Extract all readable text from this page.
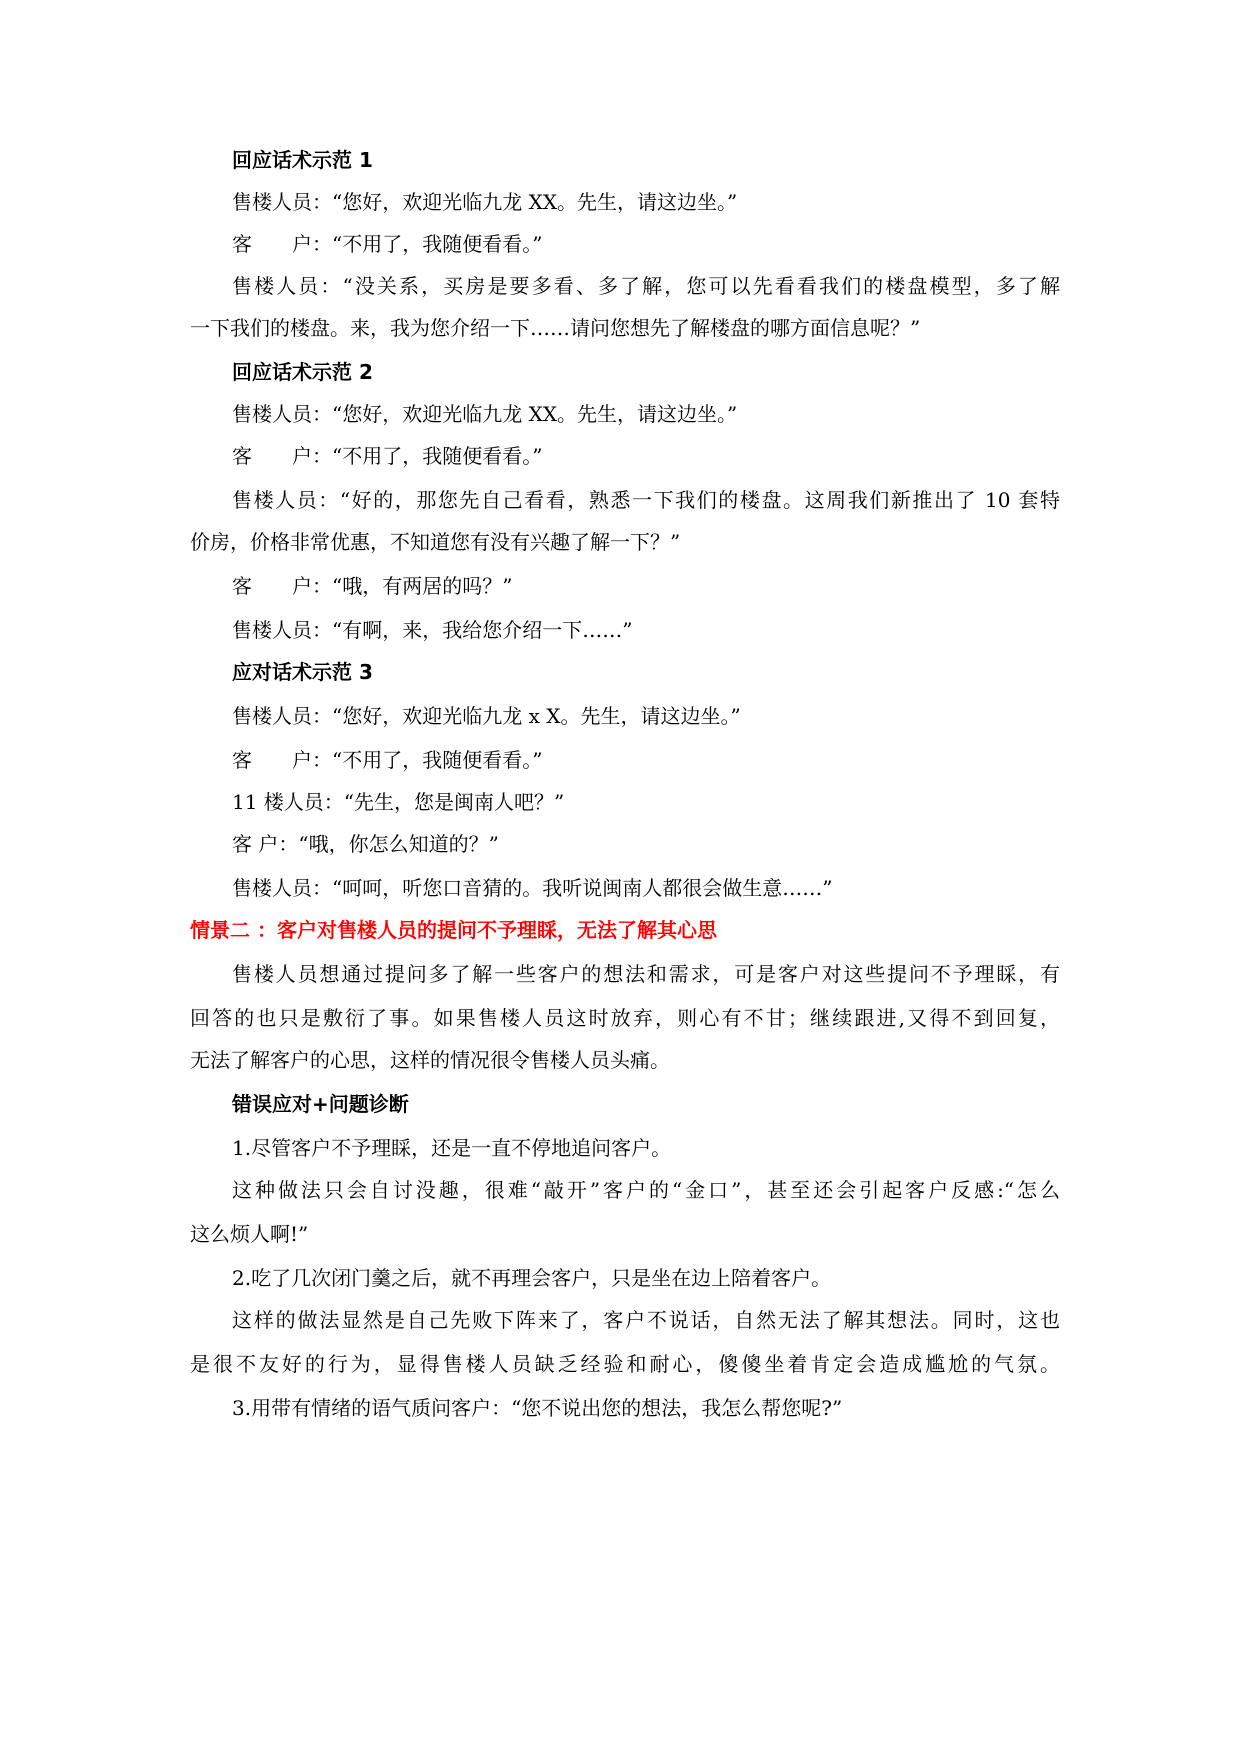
回应话术示范 1
售楼人员：“您好，欢迎光临九龙 XX。先生，请这边坐。”
客　　户：“不用了，我随便看看。”
售楼人员：“没关系，买房是要多看、多了解，您可以先看看我们的楼盘模型，多了解
一下我们的楼盘。来，我为您介绍一下……请问您想先了解楼盘的哪方面信息呢？”
回应话术示范 2
售楼人员：“您好，欢迎光临九龙 XX。先生，请这边坐。”
客　　户：“不用了，我随便看看。”
售楼人员：“好的，那您先自己看看，熟悉一下我们的楼盘。这周我们新推出了 10 套特
价房，价格非常优惠，不知道您有没有兴趣了解一下？”
客　　户：“哦，有两居的吗？”
售楼人员：“有啊，来，我给您介绍一下……”
应对话术示范 3
售楼人员：“您好，欢迎光临九龙 x X。先生，请这边坐。”
客　　户：“不用了，我随便看看。”
11 楼人员：“先生，您是闽南人吧？”
客 户：“哦，你怎么知道的？”
售楼人员：“呵呵，听您口音猜的。我听说闽南人都很会做生意……”
情景二 ：客户对售楼人员的提问不予理睬，无法了解其心思
售楼人员想通过提问多了解一些客户的想法和需求，可是客户对这些提问不予理睬，有
回答的也只是敷衍了事。如果售楼人员这时放弃，则心有不甘；继续跟进,又得不到回复，
无法了解客户的心思，这样的情况很令售楼人员头痛。
错误应对+问题诊断
1.尽管客户不予理睬，还是一直不停地追问客户。
这种做法只会自讨没趣，很难“敲开”客户的“金口”，甚至还会引起客户反感:“怎么
这么烦人啊!”
2.吃了几次闭门羹之后，就不再理会客户，只是坐在边上陪着客户。
这样的做法显然是自己先败下阵来了，客户不说话，自然无法了解其想法。同时，这也
是很不友好的行为，显得售楼人员缺乏经验和耐心，傻傻坐着肯定会造成尴尬的气氛。
3.用带有情绪的语气质问客户：“您不说出您的想法，我怎么帮您呢?”
